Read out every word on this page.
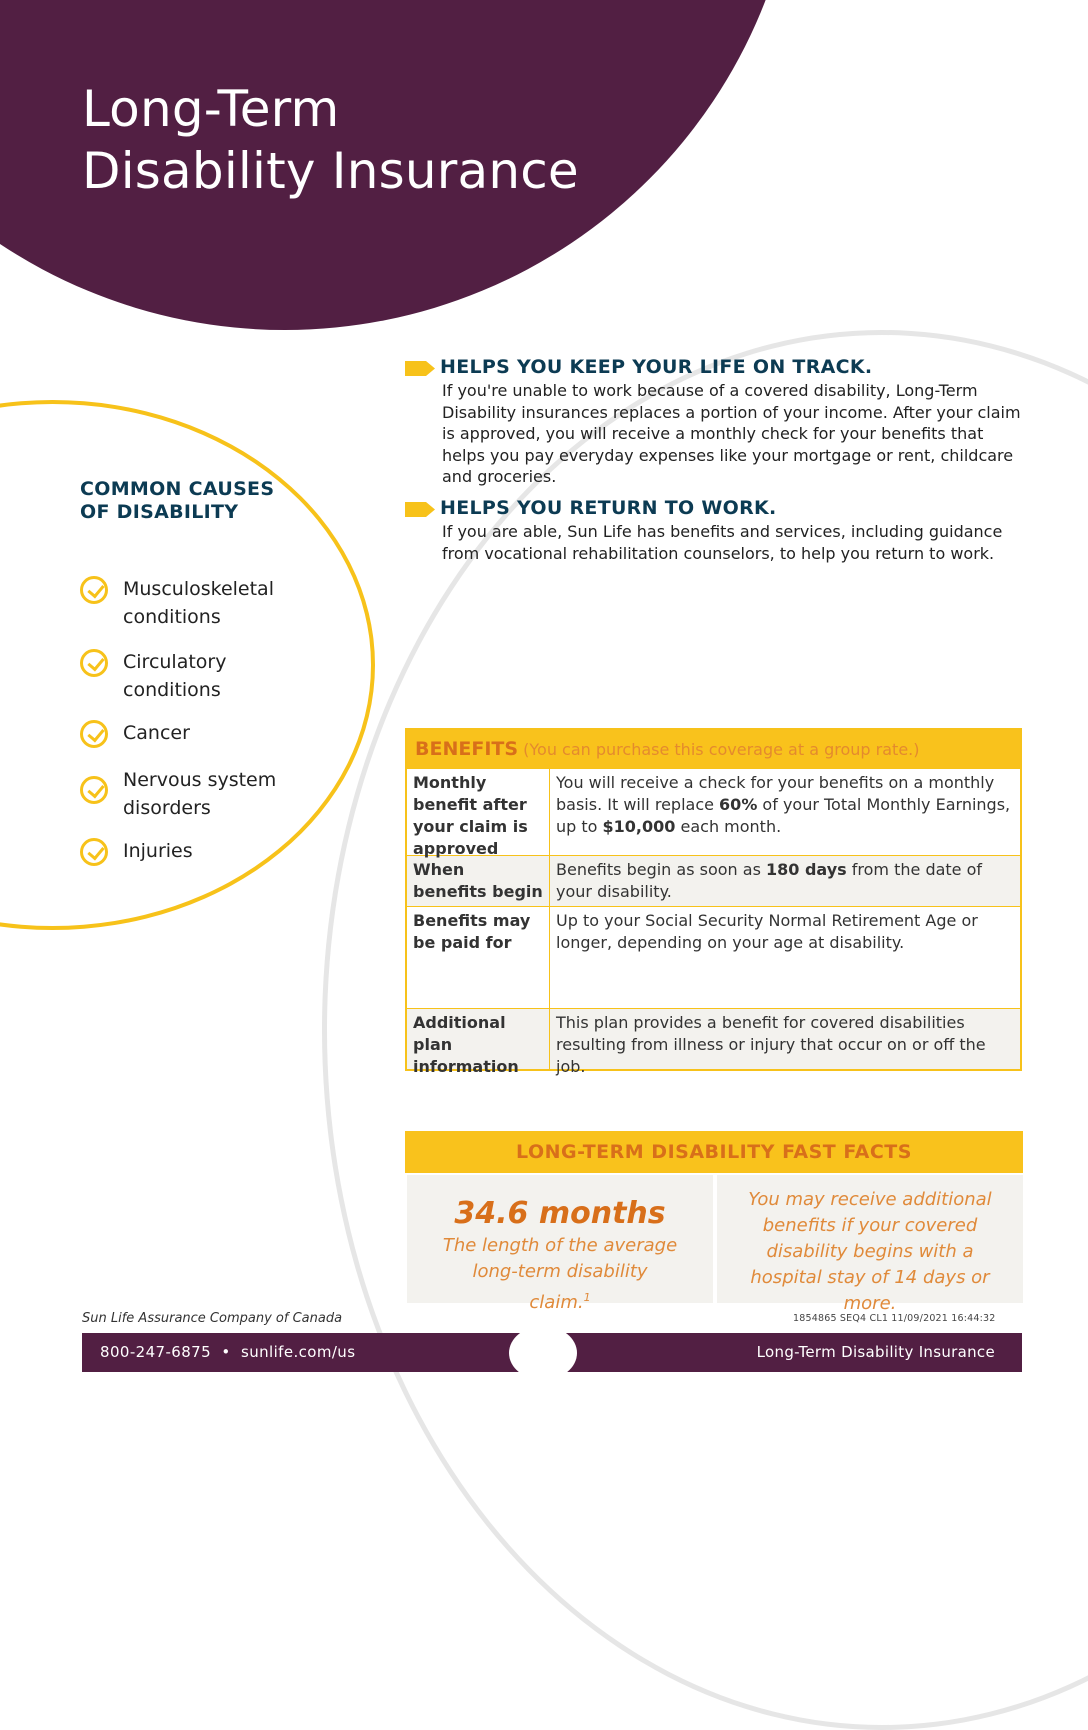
Long-Term
Disability Insurance
HELPS YOU KEEP YOUR LIFE ON TRACK.
If you're unable to work because of a covered disability, Long-Term Disability insurances replaces a portion of your income. After your claim is approved, you will receive a monthly check for your benefits that helps you pay everyday expenses like your mortgage or rent, childcare and groceries.
HELPS YOU RETURN TO WORK.
If you are able, Sun Life has benefits and services, including guidance from vocational rehabilitation counselors, to help you return to work.
COMMON CAUSES OF DISABILITY
Musculoskeletal conditions
Circulatory conditions
Cancer
Nervous system disorders
Injuries
BENEFITS (You can purchase this coverage at a group rate.)
Monthly benefit after your claim is approved
You will receive a check for your benefits on a monthly basis. It will replace 60% of your Total Monthly Earnings, up to $10,000 each month.
When benefits begin
Benefits begin as soon as 180 days from the date of your disability.
Benefits may be paid for
Up to your Social Security Normal Retirement Age or longer, depending on your age at disability.
Additional plan information
This plan provides a benefit for covered disabilities resulting from illness or injury that occur on or off the job.
LONG-TERM DISABILITY FAST FACTS
34.6 months
The length of the average long-term disability claim.$^1$
You may receive additional benefits if your covered disability begins with a hospital stay of 14 days or more.
Sun Life Assurance Company of Canada	1854865 SEQ4 CL1 11/09/2021 16:44:32
800-247-6875  •  sunlife.com/us	Long-Term Disability Insurance
